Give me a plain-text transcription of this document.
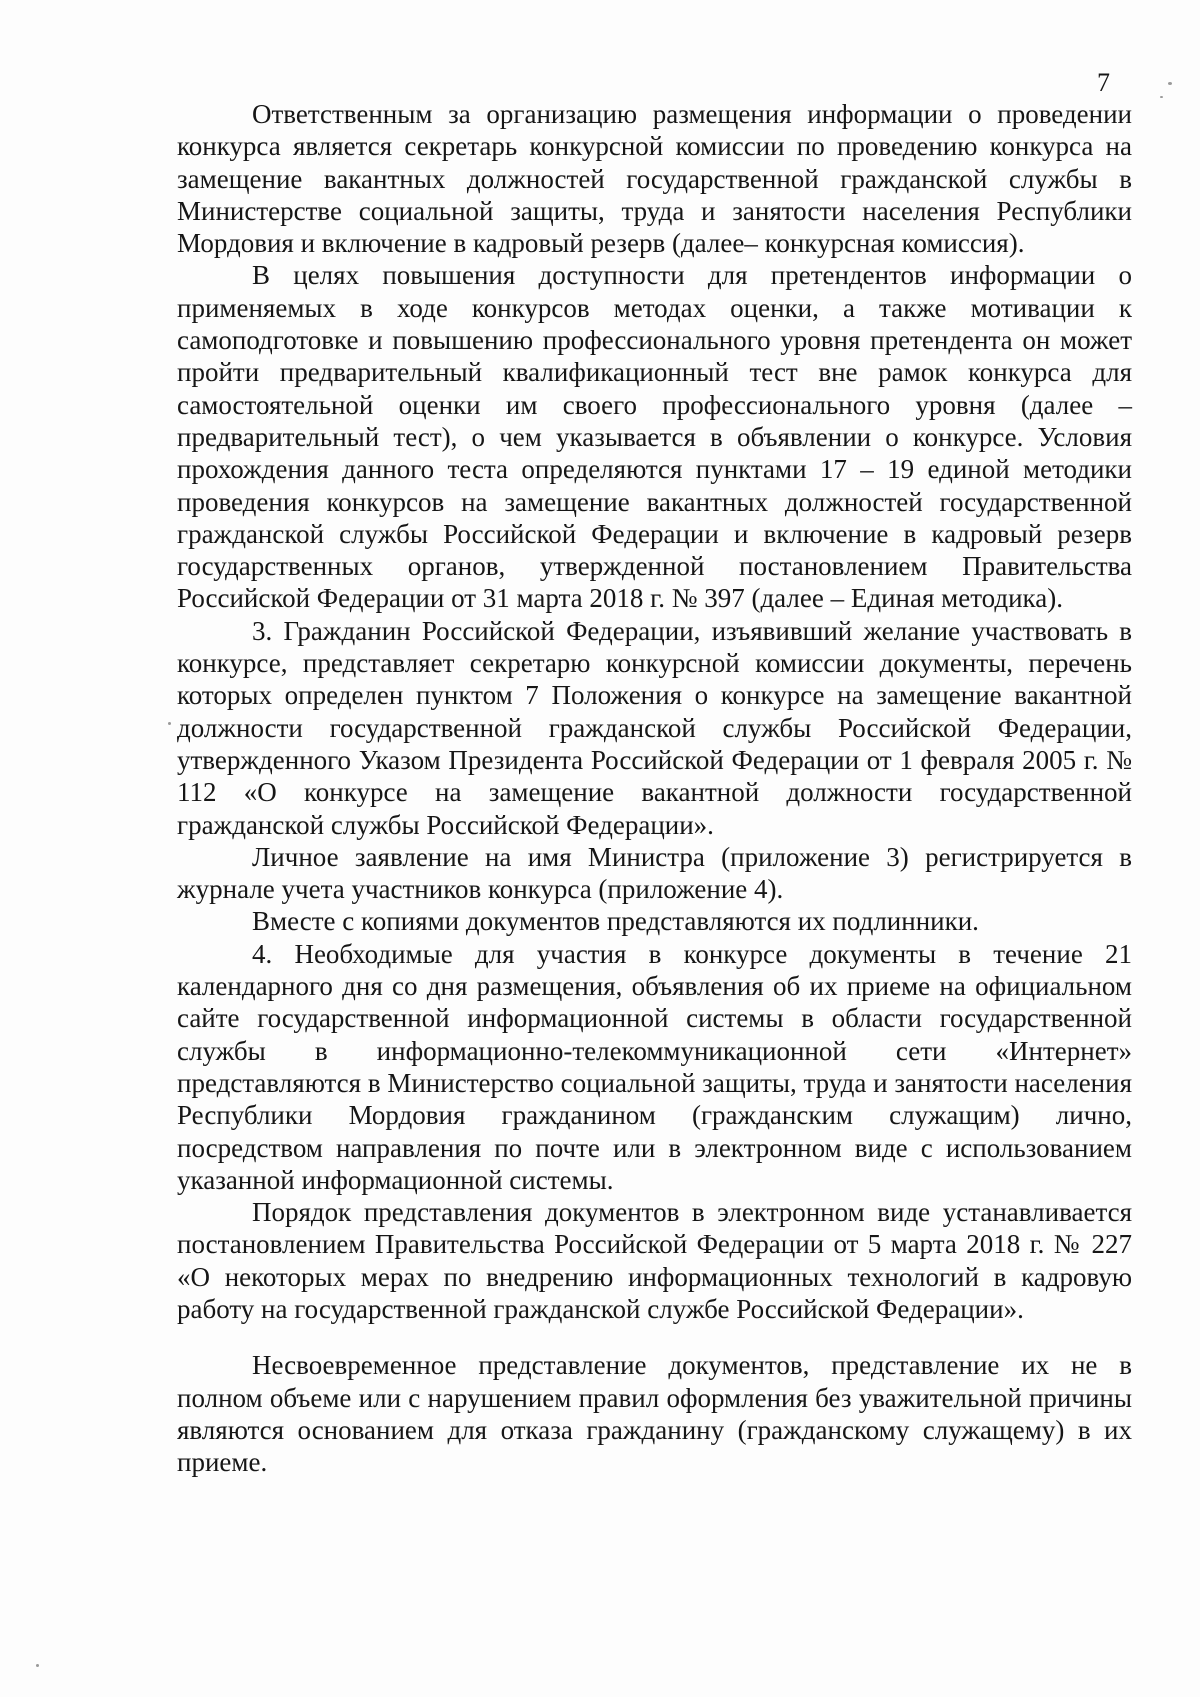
7

Ответственным за организацию размещения информации о проведении конкурса является секретарь конкурсной комиссии по проведению конкурса на замещение вакантных должностей государственной гражданской службы в Министерстве социальной защиты, труда и занятости населения Республики Мордовия и включение в кадровый резерв (далее– конкурсная комиссия).

В целях повышения доступности для претендентов информации о применяемых в ходе конкурсов методах оценки, а также мотивации к самоподготовке и повышению профессионального уровня претендента он может пройти предварительный квалификационный тест вне рамок конкурса для самостоятельной оценки им своего профессионального уровня (далее – предварительный тест), о чем указывается в объявлении о конкурсе. Условия прохождения данного теста определяются пунктами 17 – 19 единой методики проведения конкурсов на замещение вакантных должностей государственной гражданской службы Российской Федерации и включение в кадровый резерв государственных органов, утвержденной постановлением Правительства Российской Федерации от 31 марта 2018 г. № 397 (далее – Единая методика).

3. Гражданин Российской Федерации, изъявивший желание участвовать в конкурсе, представляет секретарю конкурсной комиссии документы, перечень которых определен пунктом 7 Положения о конкурсе на замещение вакантной должности государственной гражданской службы Российской Федерации, утвержденного Указом Президента Российской Федерации от 1 февраля 2005 г. № 112 «О конкурсе на замещение вакантной должности государственной гражданской службы Российской Федерации».

Личное заявление на имя Министра (приложение 3) регистрируется в журнале учета участников конкурса (приложение 4).

Вместе с копиями документов представляются их подлинники.

4. Необходимые для участия в конкурсе документы в течение 21 календарного дня со дня размещения, объявления об их приеме на официальном сайте государственной информационной системы в области государственной службы в информационно-телекоммуникационной сети «Интернет» представляются в Министерство социальной защиты, труда и занятости населения Республики Мордовия гражданином (гражданским служащим) лично, посредством направления по почте или в электронном виде с использованием указанной информационной системы.

Порядок представления документов в электронном виде устанавливается постановлением Правительства Российской Федерации от 5 марта 2018 г. № 227 «О некоторых мерах по внедрению информационных технологий в кадровую работу на государственной гражданской службе Российской Федерации».

Несвоевременное представление документов, представление их не в полном объеме или с нарушением правил оформления без уважительной причины являются основанием для отказа гражданину (гражданскому служащему) в их приеме.
